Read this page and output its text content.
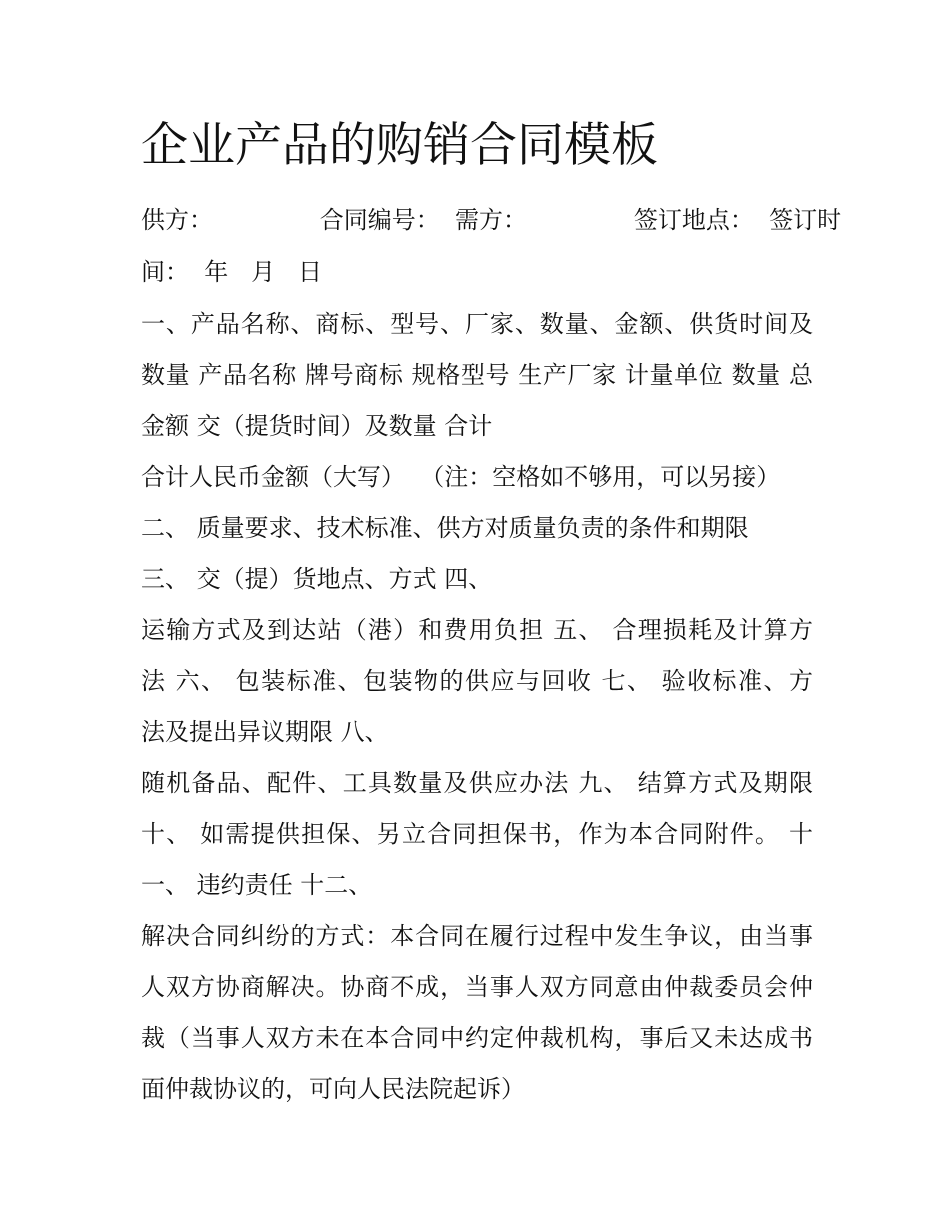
企业产品的购销合同模板
供方：              合同编号：  需方：              签订地点：  签订时
间：  年   月   日
一、产品名称、商标、型号、厂家、数量、金额、供货时间及
数量 产品名称 牌号商标 规格型号 生产厂家 计量单位 数量 总
金额 交（提货时间）及数量 合计
合计人民币金额（大写）  （注：空格如不够用，可以另接）
二、 质量要求、技术标准、供方对质量负责的条件和期限
三、 交（提）货地点、方式 四、
运输方式及到达站（港）和费用负担 五、 合理损耗及计算方
法 六、 包装标准、包装物的供应与回收 七、 验收标准、方
法及提出异议期限 八、
随机备品、配件、工具数量及供应办法 九、 结算方式及期限
十、 如需提供担保、另立合同担保书，作为本合同附件。 十
一、 违约责任 十二、
解决合同纠纷的方式：本合同在履行过程中发生争议，由当事
人双方协商解决。协商不成，当事人双方同意由仲裁委员会仲
裁（当事人双方未在本合同中约定仲裁机构，事后又未达成书
面仲裁协议的，可向人民法院起诉）
